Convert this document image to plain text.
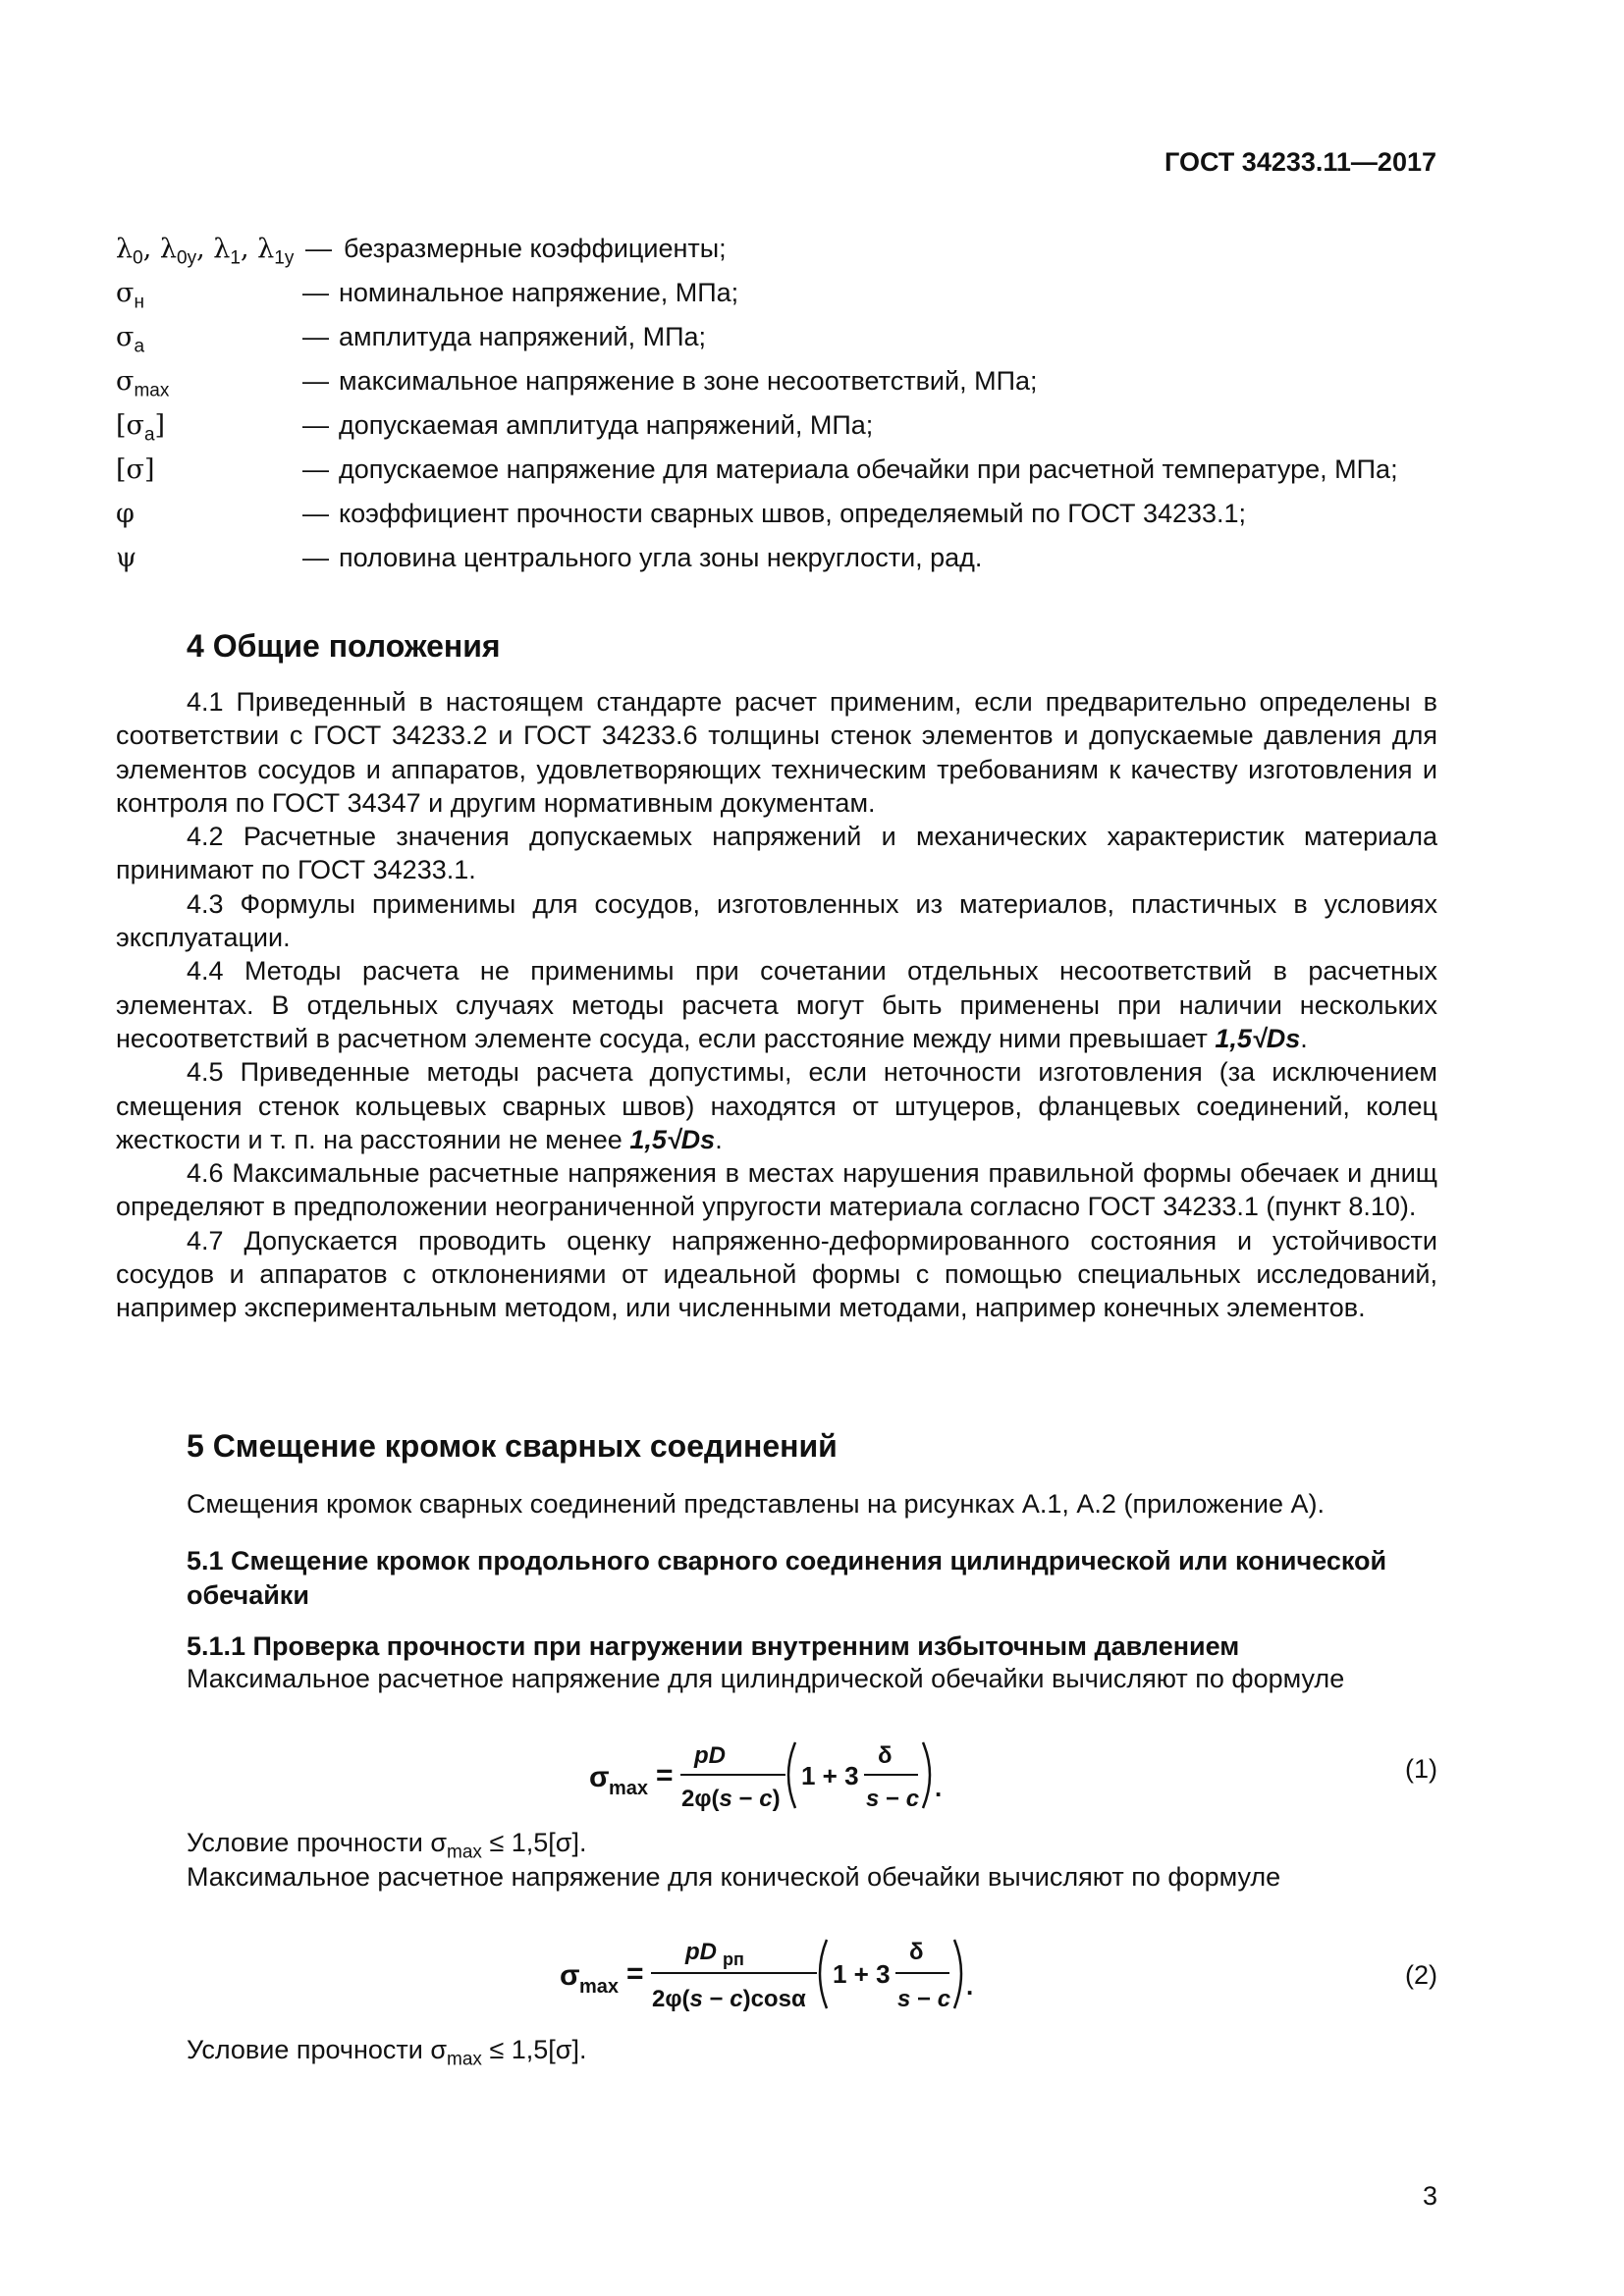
ГОСТ 34233.11—2017
$\lambda_0$, $\lambda_{0y}$, $\lambda_1$, $\lambda_{1y}$ — безразмерные коэффициенты;
$\sigma_н$	— номинальное напряжение, МПа;
$\sigma_a$	— амплитуда напряжений, МПа;
$\sigma_{max}$	— максимальное напряжение в зоне несоответствий, МПа;
$[\sigma_a]$	— допускаемая амплитуда напряжений, МПа;
[σ]	— допускаемое напряжение для материала обечайки при расчетной температуре, МПа;
φ	— коэффициент прочности сварных швов, определяемый по ГОСТ 34233.1;
ψ	— половина центрального угла зоны некруглости, рад.
4 Общие положения

4.1 Приведенный в настоящем стандарте расчет применим, если предварительно определены в соответствии с ГОСТ 34233.2 и ГОСТ 34233.6 толщины стенок элементов и допускаемые давления для элементов сосудов и аппаратов, удовлетворяющих техническим требованиям к качеству изготовления и контроля по ГОСТ 34347 и другим нормативным документам.

4.2 Расчетные значения допускаемых напряжений и механических характеристик материала принимают по ГОСТ 34233.1.

4.3 Формулы применимы для сосудов, изготовленных из материалов, пластичных в условиях эксплуатации.

4.4 Методы расчета не применимы при сочетании отдельных несоответствий в расчетных элементах. В отдельных случаях методы расчета могут быть применены при наличии нескольких несоответствий в расчетном элементе сосуда, если расстояние между ними превышает 1,5√Ds.

4.5 Приведенные методы расчета допустимы, если неточности изготовления (за исключением смещения стенок кольцевых сварных швов) находятся от штуцеров, фланцевых соединений, колец жесткости и т. п. на расстоянии не менее 1,5√Ds.

4.6 Максимальные расчетные напряжения в местах нарушения правильной формы обечаек и днищ определяют в предположении неограниченной упругости материала согласно ГОСТ 34233.1 (пункт 8.10).

4.7 Допускается проводить оценку напряженно-деформированного состояния и устойчивости сосудов и аппаратов с отклонениями от идеальной формы с помощью специальных исследований, например экспериментальным методом, или численными методами, например конечных элементов.

5 Смещение кромок сварных соединений
Смещения кромок сварных соединений представлены на рисунках А.1, А.2 (приложение А).
5.1 Смещение кромок продольного сварного соединения цилиндрической или конической обечайки
5.1.1 Проверка прочности при нагружении внутренним избыточным давлением
Максимальное расчетное напряжение для цилиндрической обечайки вычисляют по формуле
σ max =
pD
2φ(s − c)
1 + 3
δ
s − c .
(1)
Условие прочности $\sigma_{max} \le 1,5[\sigma]$.
Максимальное расчетное напряжение для конической обечайки вычисляют по формуле
σ max =
pD рп
2φ(s − c)cosα
1 + 3
δ
s − c .	(2)
Условие прочности $\sigma_{max} \le 1,5[\sigma]$.
3
